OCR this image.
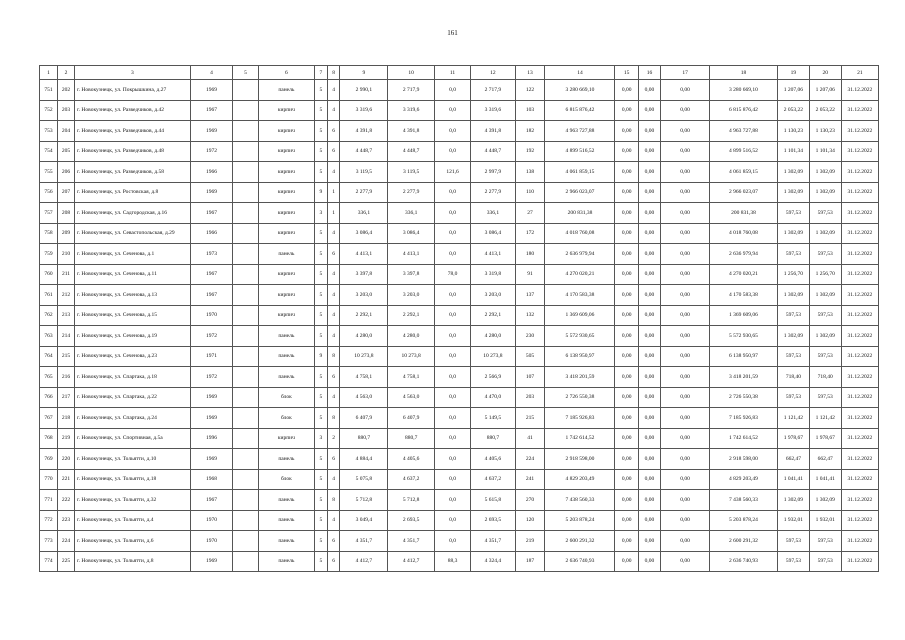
161
1	2	3	4	5	6	7	8	9	10	11	12	13	14	15	16	17	18	19	20	21
751	202	г. Новокузнецк, ул. Покрышкина, д.27	1969		панель	5	4	2 990,1	2 717,9	0,0	2 717,9	122	3 280 669,10	0,00	0,00	0,00	3 280 669,10	1 207,06	1 207,06	31.12.2022
752	203	г. Новокузнецк, ул. Разведчиков, д.42	1967		кирпич	5	4	3 319,6	3 319,6	0,0	3 319,6	103	6 815 876,42	0,00	0,00	0,00	6 815 876,42	2 053,22	2 053,22	31.12.2022
753	204	г. Новокузнецк, ул. Разведчиков, д.44	1969		кирпич	5	6	4 391,8	4 391,8	0,0	4 391,8	182	4 963 727,88	0,00	0,00	0,00	4 963 727,88	1 130,23	1 130,23	31.12.2022
754	205	г. Новокузнецк, ул. Разведчиков, д.48	1972		кирпич	5	6	4 448,7	4 448,7	0,0	4 448,7	192	4 899 516,52	0,00	0,00	0,00	4 899 516,52	1 101,34	1 101,34	31.12.2022
755	206	г. Новокузнецк, ул. Разведчиков, д.58	1966		кирпич	5	4	3 119,5	3 119,5	121,6	2 997,9	138	4 061 859,15	0,00	0,00	0,00	4 061 859,15	1 302,09	1 302,09	31.12.2022
756	207	г. Новокузнецк, ул. Ростовская, д.8	1969		кирпич	9	1	2 277,9	2 277,9	0,0	2 277,9	110	2 966 023,07	0,00	0,00	0,00	2 966 023,07	1 302,09	1 302,09	31.12.2022
757	208	г. Новокузнецк, ул. Садгородская, д.16	1967		кирпич	3	1	336,1	336,1	0,0	336,1	27	200 831,38	0,00	0,00	0,00	200 831,38	597,53	597,53	31.12.2022
758	209	г. Новокузнецк, ул. Севастопольская, д.29	1966		кирпич	5	4	3 086,4	3 086,4	0,0	3 086,4	172	4 018 760,08	0,00	0,00	0,00	4 018 760,08	1 302,09	1 302,09	31.12.2022
759	210	г. Новокузнецк, ул. Сеченова, д.1	1973		панель	5	6	4 413,1	4 413,1	0,0	4 413,1	180	2 636 979,94	0,00	0,00	0,00	2 636 979,94	597,53	597,53	31.12.2022
760	211	г. Новокузнецк, ул. Сеченова, д.11	1967		кирпич	5	4	3 397,8	3 397,8	78,0	3 319,8	91	4 270 020,21	0,00	0,00	0,00	4 270 020,21	1 256,70	1 256,70	31.12.2022
761	212	г. Новокузнецк, ул. Сеченова, д.13	1967		кирпич	5	4	3 203,0	3 203,0	0,0	3 203,0	137	4 170 583,38	0,00	0,00	0,00	4 170 583,38	1 302,09	1 302,09	31.12.2022
762	213	г. Новокузнецк, ул. Сеченова, д.15	1970		кирпич	5	4	2 292,1	2 292,1	0,0	2 292,1	132	1 369 609,06	0,00	0,00	0,00	1 369 609,06	597,53	597,53	31.12.2022
763	214	г. Новокузнецк, ул. Сеченова, д.19	1972		панель	5	4	4 280,0	4 280,0	0,0	4 280,0	230	5 572 930,65	0,00	0,00	0,00	5 572 930,65	1 302,09	1 302,09	31.12.2022
764	215	г. Новокузнецк, ул. Сеченова, д.23	1971		панель	9	8	10 273,8	10 273,8	0,0	10 273,8	505	6 138 950,97	0,00	0,00	0,00	6 138 950,97	597,53	597,53	31.12.2022
765	216	г. Новокузнецк, ул. Спартака, д.18	1972		панель	5	6	4 758,1	4 758,1	0,0	2 566,9	107	3 418 201,59	0,00	0,00	0,00	3 418 201,59	718,40	718,40	31.12.2022
766	217	г. Новокузнецк, ул. Спартака, д.22	1969		блок	5	4	4 563,0	4 563,0	0,0	4 470,0	203	2 726 550,38	0,00	0,00	0,00	2 726 550,38	597,53	597,53	31.12.2022
767	218	г. Новокузнецк, ул. Спартака, д.24	1969		блок	5	8	6 407,9	6 407,9	0,0	5 149,5	215	7 185 926,83	0,00	0,00	0,00	7 185 926,83	1 121,42	1 121,42	31.12.2022
768	219	г. Новокузнецк, ул. Спортивная, д.5а	1996		кирпич	3	2	880,7	880,7	0,0	880,7	41	1 742 614,52	0,00	0,00	0,00	1 742 614,52	1 978,67	1 978,67	31.12.2022
769	220	г. Новокузнецк, ул. Тольятти, д.10	1969		панель	5	6	4 884,4	4 405,6	0,0	4 405,6	224	2 918 598,00	0,00	0,00	0,00	2 918 598,00	662,47	662,47	31.12.2022
770	221	г. Новокузнецк, ул. Тольятти, д.18	1968		блок	5	4	5 075,8	4 637,2	0,0	4 637,2	241	4 829 203,49	0,00	0,00	0,00	4 829 203,49	1 041,41	1 041,41	31.12.2022
771	222	г. Новокузнецк, ул. Тольятти, д.32	1967		панель	5	8	5 712,8	5 712,8	0,0	5 615,8	270	7 438 560,33	0,00	0,00	0,00	7 438 560,33	1 302,09	1 302,09	31.12.2022
772	223	г. Новокузнецк, ул. Тольятти, д.4	1970		панель	5	4	3 049,4	2 693,5	0,0	2 693,5	120	5 203 878,24	0,00	0,00	0,00	5 203 878,24	1 932,01	1 932,01	31.12.2022
773	224	г. Новокузнецк, ул. Тольятти, д.6	1970		панель	5	6	4 351,7	4 351,7	0,0	4 351,7	219	2 600 291,32	0,00	0,00	0,00	2 600 291,32	597,53	597,53	31.12.2022
774	225	г. Новокузнецк, ул. Тольятти, д.8	1969		панель	5	6	4 412,7	4 412,7	88,3	4 324,4	187	2 636 740,93	0,00	0,00	0,00	2 636 740,93	597,53	597,53	31.12.2022
